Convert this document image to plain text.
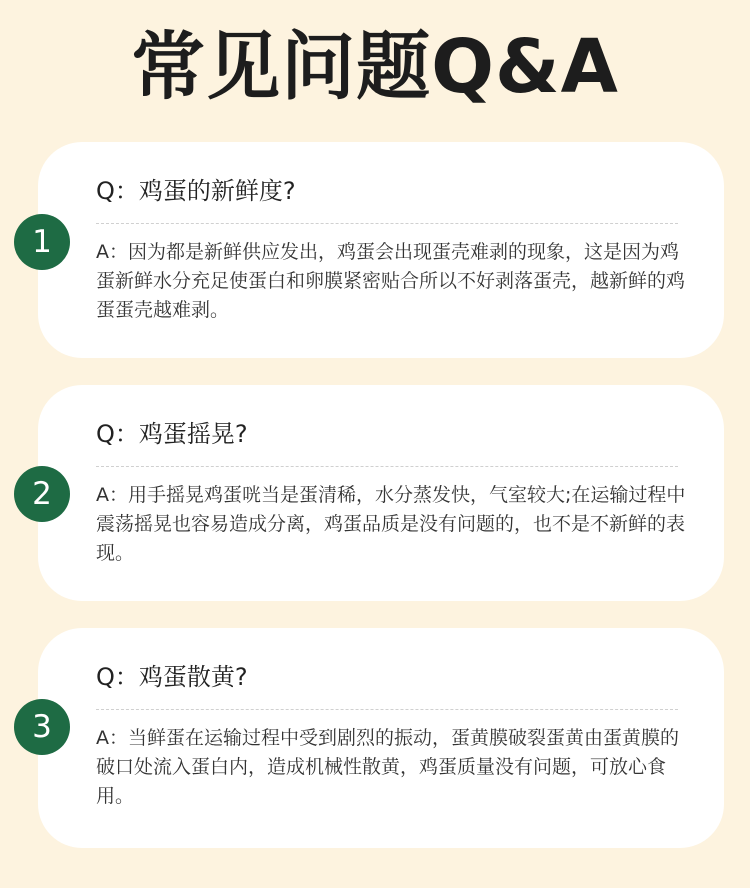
常见问题Q&A
Q：鸡蛋的新鲜度?
A：因为都是新鲜供应发出，鸡蛋会出现蛋壳难剥的现象，这是因为鸡蛋新鲜水分充足使蛋白和卵膜紧密贴合所以不好剥落蛋壳，越新鲜的鸡蛋蛋壳越难剥。
1
Q：鸡蛋摇晃?
A：用手摇晃鸡蛋咣当是蛋清稀，水分蒸发快，气室较大;在运输过程中震荡摇晃也容易造成分离，鸡蛋品质是没有问题的，也不是不新鲜的表现。
2
Q：鸡蛋散黄?
A：当鲜蛋在运输过程中受到剧烈的振动，蛋黄膜破裂蛋黄由蛋黄膜的破口处流入蛋白内，造成机械性散黄，鸡蛋质量没有问题，可放心食用。
3
